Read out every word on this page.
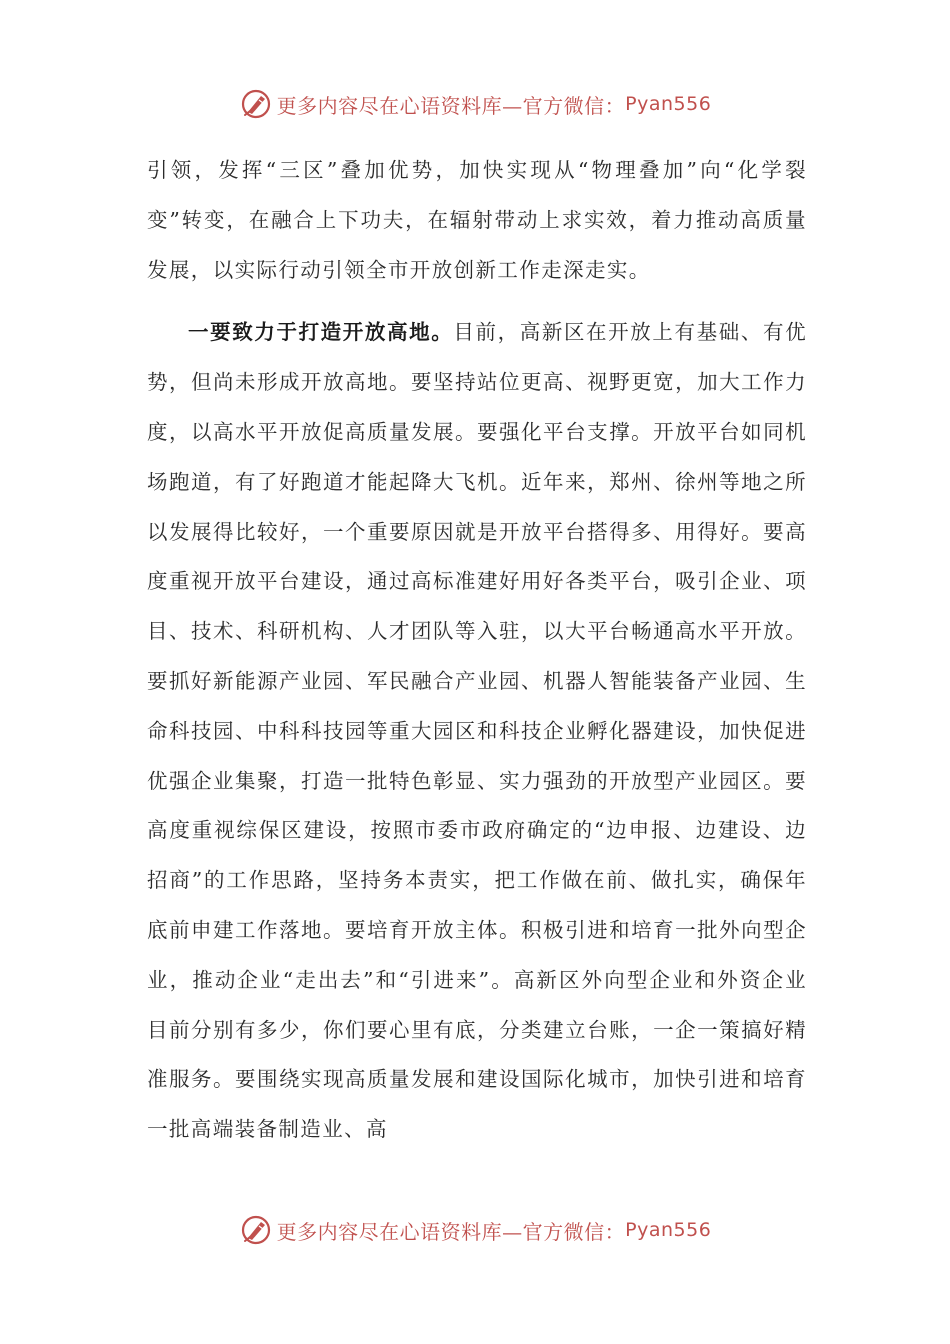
更多内容尽在心语资料库—官方微信： Pyan556

引领，发挥“三区”叠加优势，加快实现从“物理叠加”向“化学裂变”转变，在融合上下功夫，在辐射带动上求实效，着力推动高质量发展，以实际行动引领全市开放创新工作走深走实。

一要致力于打造开放高地。目前，高新区在开放上有基础、有优势，但尚未形成开放高地。要坚持站位更高、视野更宽，加大工作力度，以高水平开放促高质量发展。要强化平台支撑。开放平台如同机场跑道，有了好跑道才能起降大飞机。近年来，郑州、徐州等地之所以发展得比较好，一个重要原因就是开放平台搭得多、用得好。要高度重视开放平台建设，通过高标准建好用好各类平台，吸引企业、项目、技术、科研机构、人才团队等入驻，以大平台畅通高水平开放。要抓好新能源产业园、军民融合产业园、机器人智能装备产业园、生命科技园、中科科技园等重大园区和科技企业孵化器建设，加快促进优强企业集聚，打造一批特色彰显、实力强劲的开放型产业园区。要高度重视综保区建设，按照市委市政府确定的“边申报、边建设、边招商”的工作思路，坚持务本责实，把工作做在前、做扎实，确保年底前申建工作落地。要培育开放主体。积极引进和培育一批外向型企业，推动企业“走出去”和“引进来”。高新区外向型企业和外资企业目前分别有多少，你们要心里有底，分类建立台账，一企一策搞好精准服务。要围绕实现高质量发展和建设国际化城市，加快引进和培育一批高端装备制造业、高

更多内容尽在心语资料库—官方微信： Pyan556
